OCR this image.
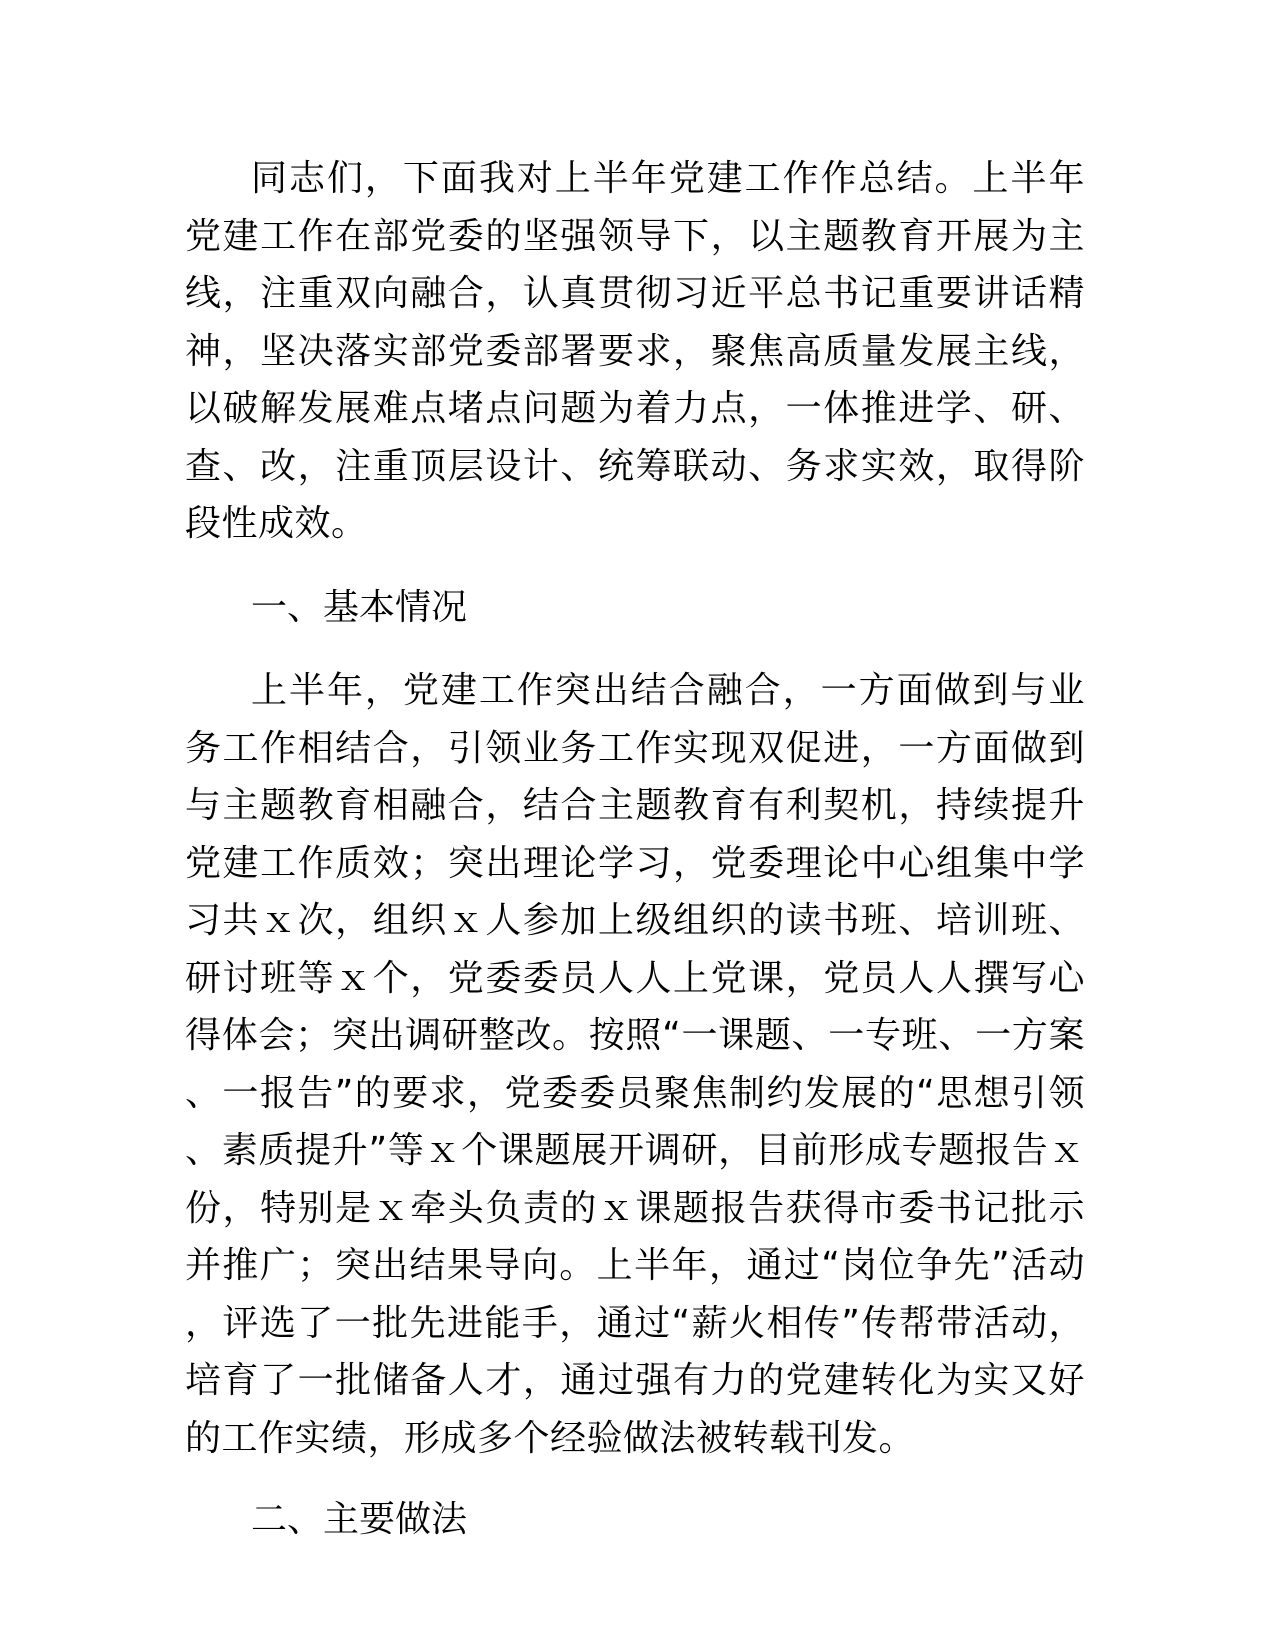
同志们，下面我对上半年党建工作作总结。上半年党建工作在部党委的坚强领导下，以主题教育开展为主线，注重双向融合，认真贯彻习近平总书记重要讲话精神，坚决落实部党委部署要求，聚焦高质量发展主线，以破解发展难点堵点问题为着力点，一体推进学、研、查、改，注重顶层设计、统筹联动、务求实效，取得阶段性成效。

一、基本情况

上半年，党建工作突出结合融合，一方面做到与业务工作相结合，引领业务工作实现双促进，一方面做到与主题教育相融合，结合主题教育有利契机，持续提升党建工作质效；突出理论学习，党委理论中心组集中学习共ｘ次，组织ｘ人参加上级组织的读书班、培训班、研讨班等ｘ个，党委委员人人上党课，党员人人撰写心得体会；突出调研整改。按照“一课题、一专班、一方案、一报告”的要求，党委委员聚焦制约发展的“思想引领、素质提升”等ｘ个课题展开调研，目前形成专题报告ｘ份，特别是ｘ牵头负责的ｘ课题报告获得市委书记批示并推广；突出结果导向。上半年，通过“岗位争先”活动，评选了一批先进能手，通过“薪火相传”传帮带活动，培育了一批储备人才，通过强有力的党建转化为实又好的工作实绩，形成多个经验做法被转载刊发。

二、主要做法
